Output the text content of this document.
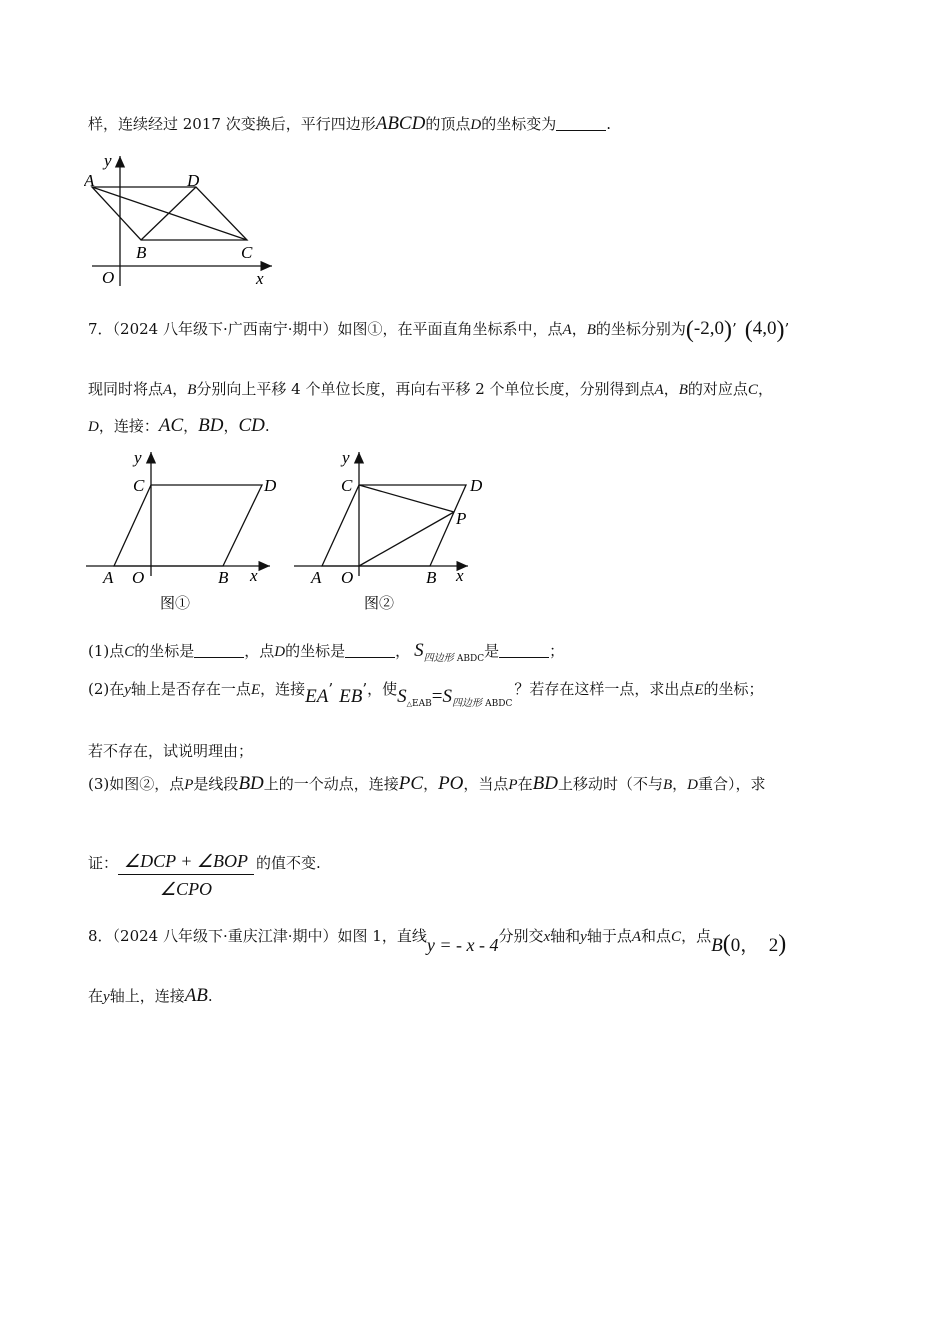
样，连续经过 2017 次变换后，平行四边形ABCD的顶点D的坐标变为	.
y
A	D
B	C
O	x
7．（2024 八年级下·广西南宁·期中）如图①，在平面直角坐标系中，点A，B的坐标分别为(-2,0)’ (4,0)’
现同时将点A，B分别向上平移 4 个单位长度，再向右平移 2 个单位长度，分别得到点A，B的对应点C，
D，连接：AC，BD，CD.
y
C	D
A O	B x
图①
y
C	D
P
A O	B x
图②
(1)点C的坐标是	，点D的坐标是	， $S_{四边形}$ $_{ABDC}$是	；
(2)在y轴上是否存在一点E，连接EA’ EB’，使$S_{\triangle EAB}=S_{四边形}$ $_{ABDC}$？若存在这样一点，求出点E的坐标；
若不存在，试说明理由；
(3)如图②，点P是线段BD上的一个动点，连接PC，PO，当点P在BD上移动时（不与B，D重合），求
证： ∠DCP + ∠BOP
∠CPO
的值不变.
8．（2024 八年级下·重庆江津·期中）如图 1，直线y = - x - 4分别交x轴和y轴于点A和点C，点B(0，  2)
在y轴上，连接AB.
